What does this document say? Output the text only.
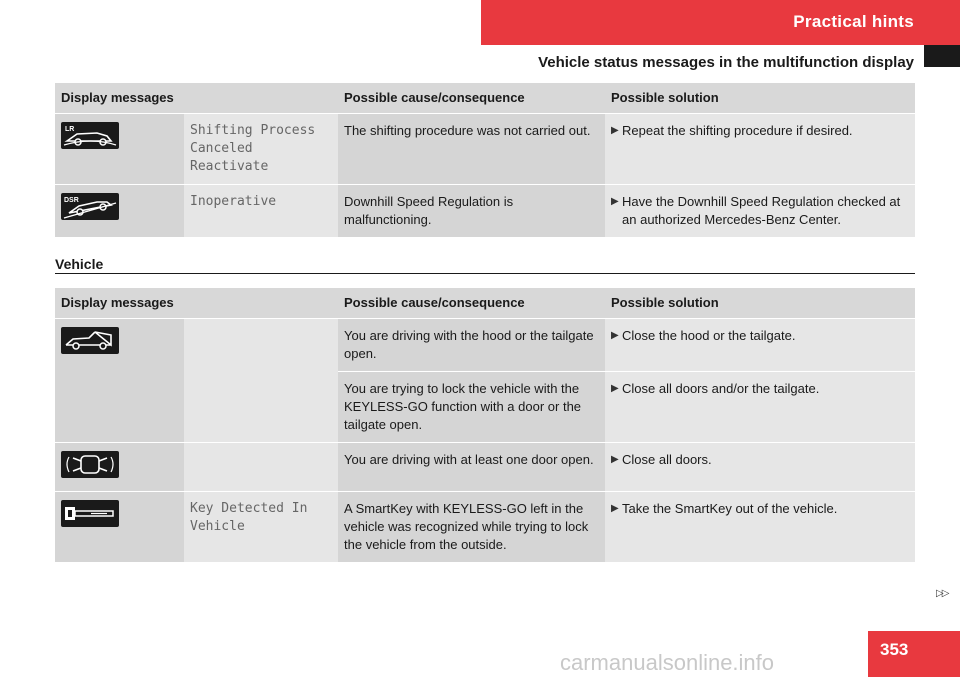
Practical hints
Vehicle status messages in the multifunction display
Display messages		Possible cause/consequence	Possible solution

LR	Shifting Process
Canceled
Reactivate	The shifting procedure was not carried out.	▶ Repeat the shifting procedure if desired.

DSR	Inoperative	Downhill Speed Regulation is malfunctioning.	▶ Have the Downhill Speed Regulation checked at an authorized Mercedes-Benz Center.
Vehicle
Display messages		Possible cause/consequence	Possible solution

		You are driving with the hood or the tailgate open.	▶ Close the hood or the tailgate.

		You are trying to lock the vehicle with the KEYLESS-GO function with a door or the tailgate open.	▶ Close all doors and/or the tailgate.

		You are driving with at least one door open.	▶ Close all doors.

	Key Detected In
Vehicle	A SmartKey with KEYLESS-GO left in the vehicle was recognized while trying to lock the vehicle from the outside.	▶ Take the SmartKey out of the vehicle.
▷▷
353
carmanualsonline.info
